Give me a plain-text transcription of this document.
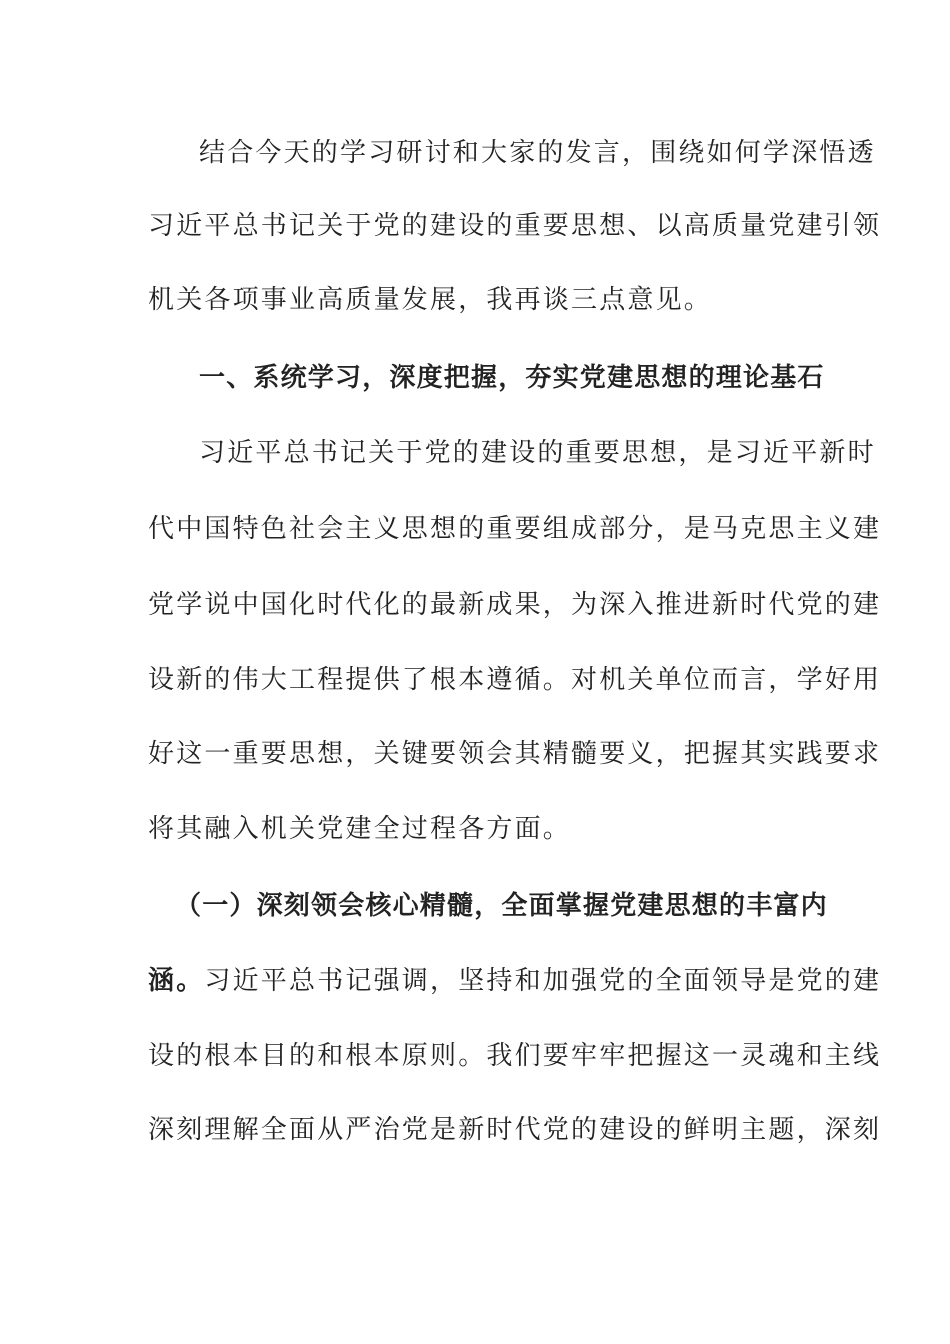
结合今天的学习研讨和大家的发言，围绕如何学深悟透
习近平总书记关于党的建设的重要思想、以高质量党建引领
机关各项事业高质量发展，我再谈三点意见。
一、系统学习，深度把握，夯实党建思想的理论基石
习近平总书记关于党的建设的重要思想，是习近平新时
代中国特色社会主义思想的重要组成部分，是马克思主义建
党学说中国化时代化的最新成果，为深入推进新时代党的建
设新的伟大工程提供了根本遵循。对机关单位而言，学好用
好这一重要思想，关键要领会其精髓要义，把握其实践要求
将其融入机关党建全过程各方面。
（一）深刻领会核心精髓，全面掌握党建思想的丰富内
涵。习近平总书记强调，坚持和加强党的全面领导是党的建
设的根本目的和根本原则。我们要牢牢把握这一灵魂和主线
深刻理解全面从严治党是新时代党的建设的鲜明主题，深刻
